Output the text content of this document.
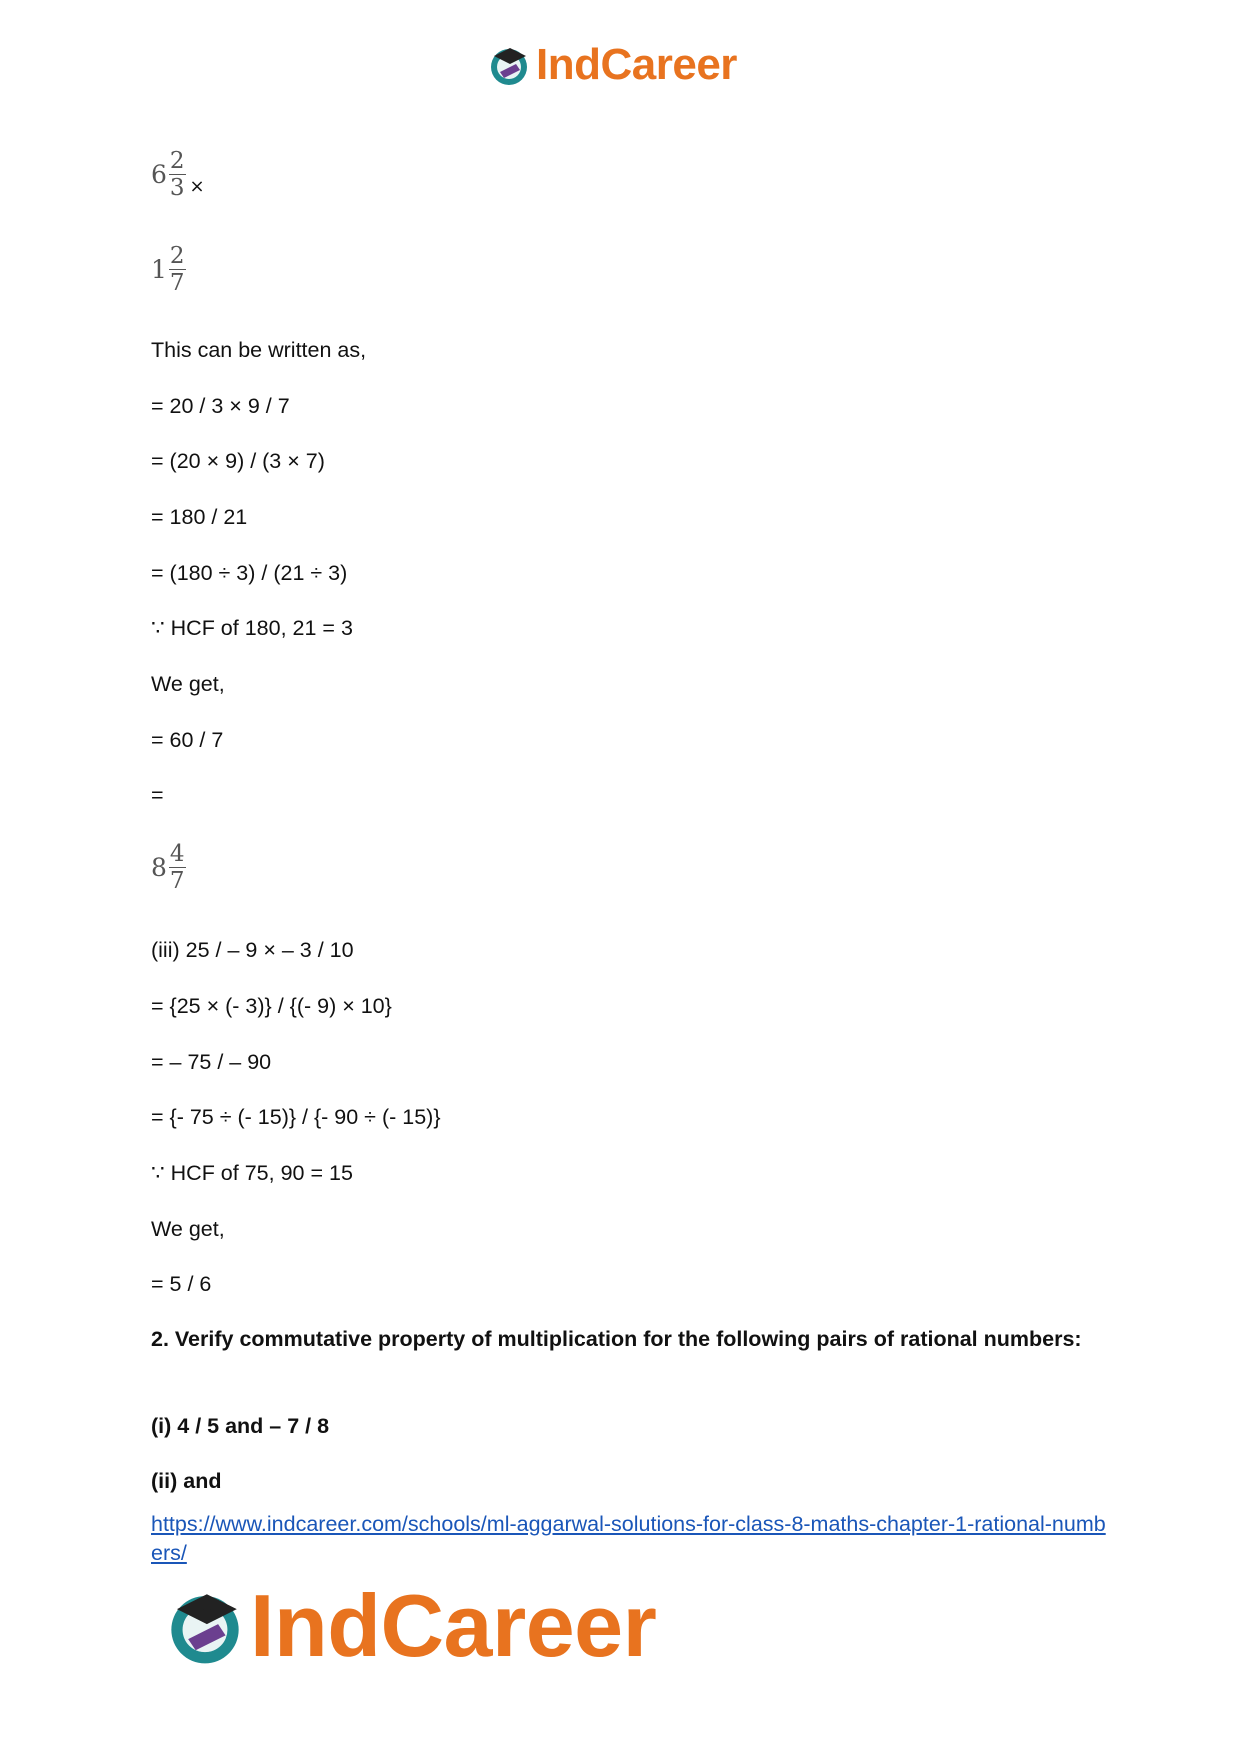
IndCareer
$6 \frac{2}{3}$ ×
$1 \frac{2}{7}$
This can be written as,
= 20 / 3 × 9 / 7
= (20 × 9) / (3 × 7)
= 180 / 21
= (180 ÷ 3) / (21 ÷ 3)
∵ HCF of 180, 21 = 3
We get,
= 60 / 7
=
$8 \frac{4}{7}$
(iii) 25 / – 9 × – 3 / 10
= {25 × (- 3)} / {(- 9) × 10}
= – 75 / – 90
= {- 75 ÷ (- 15)} / {- 90 ÷ (- 15)}
∵ HCF of 75, 90 = 15
We get,
= 5 / 6
2. Verify commutative property of multiplication for the following pairs of rational numbers:
(i) 4 / 5 and – 7 / 8
(ii) and
https://www.indcareer.com/schools/ml-aggarwal-solutions-for-class-8-maths-chapter-1-rational-numbers/
IndCareer
